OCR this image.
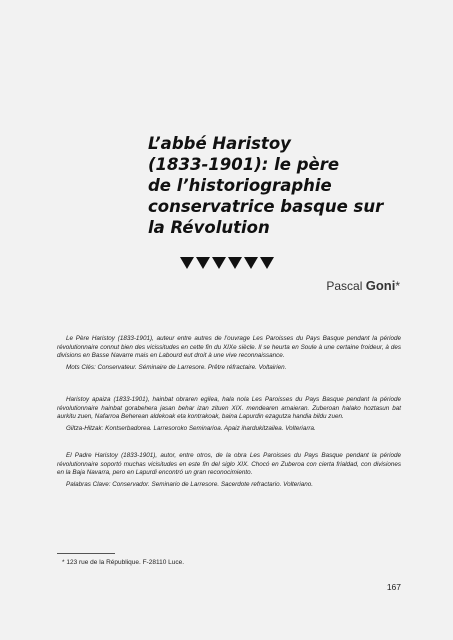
L’abbé Haristoy
(1833-1901): le père
de l’historiographie
conservatrice basque sur
la Révolution
Pascal Goni*

Le Père Haristoy (1833-1901), auteur entre autres de l’ouvrage Les Paroisses du Pays Basque pendant la période révolutionnaire connut bien des vicissitudes en cette fin du XIXe siècle. Il se heurta en Soule à une certaine froideur, à des divisions en Basse Navarre mais en Labourd eut droit à une vive reconnaissance.

Mots Clés: Conservateur. Séminaire de Larresore. Prêtre réfractaire. Voltairien.

Haristoy apaiza (1833-1901), hainbat obraren egilea, hala nola Les Paroisses du Pays Basque pendant la période révolutionnaire hainbat gorabehera jasan behar izan zituen XIX. mendearen amaieran. Zuberoan halako hoztasun bat aurkitu zuen, Nafarroa Beherean aldekoak eta kontrakoak, baina Lapurdin ezagutza handia bildu zuen.

Giltza-Hitzak: Kontserbadorea. Larresoroko Seminarioa. Apaiz ihardukitzailea. Volteriarra.

El Padre Haristoy (1833-1901), autor, entre otros, de la obra Les Paroisses du Pays Basque pendant la période révolutionnaire soportó muchas vicisitudes en este fin del siglo XIX. Chocó en Zuberoa con cierta frialdad, con divisiones en la Baja Navarra, pero en Lapurdi encontró un gran reconocimiento.

Palabras Clave: Conservador. Seminario de Larresore. Sacerdote refractario. Volteriano.

* 123 rue de la République. F-28110 Luce.
167
